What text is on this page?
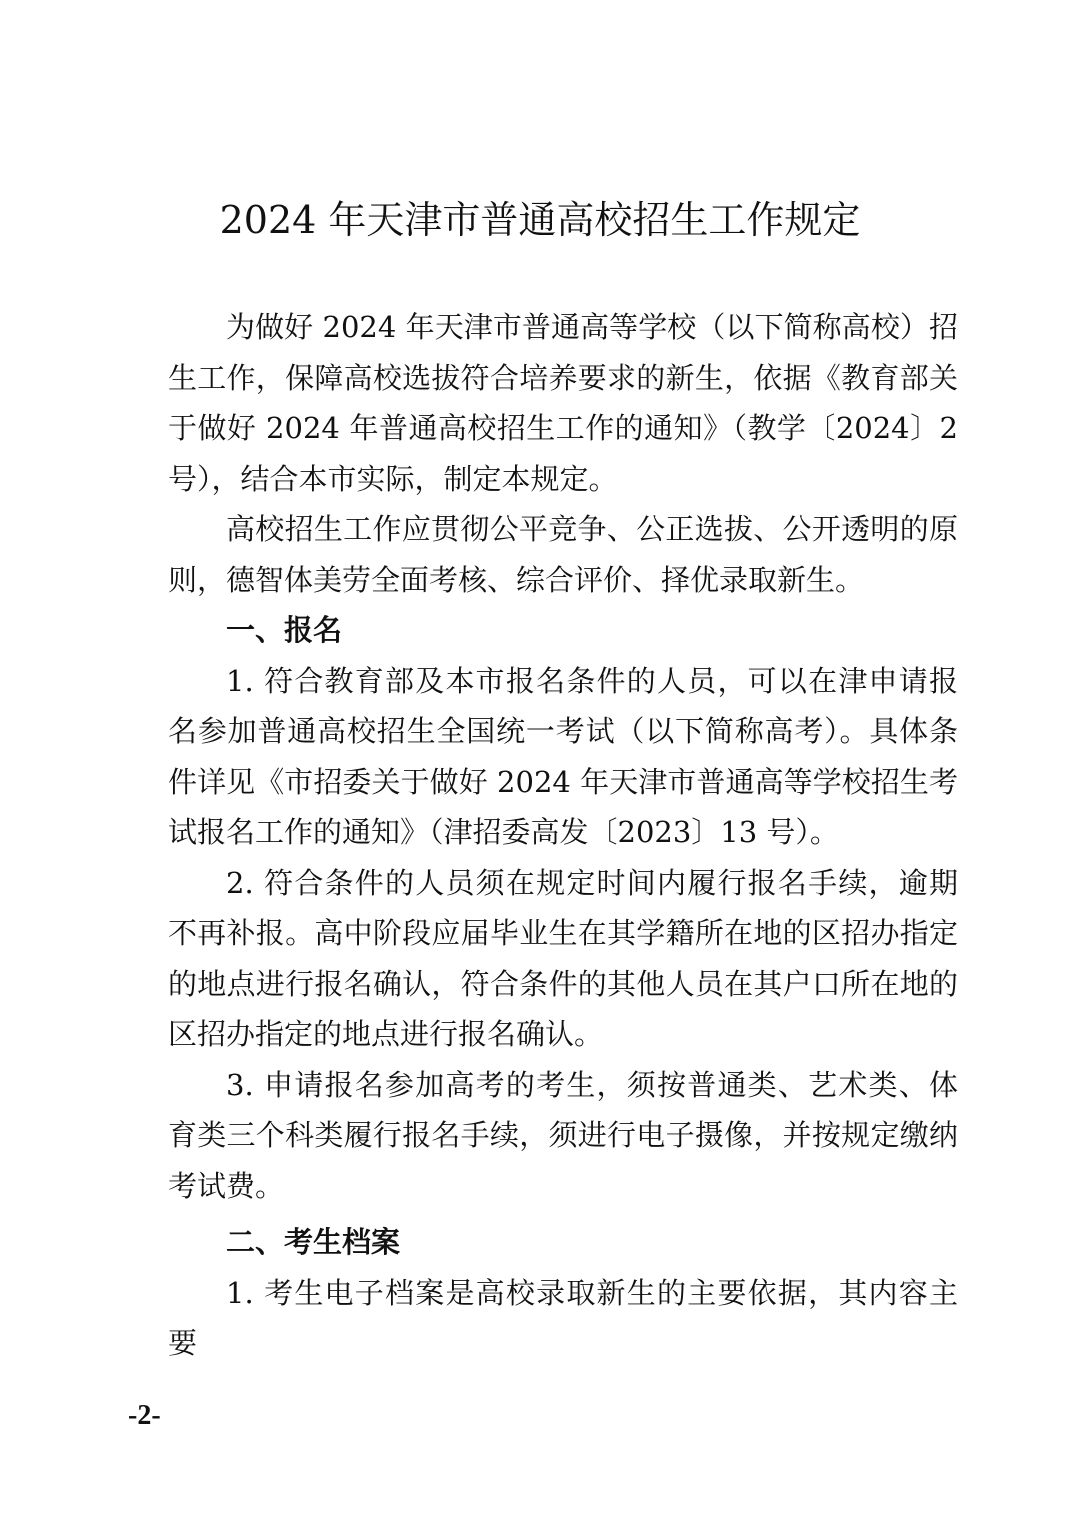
2024 年天津市普通高校招生工作规定

为做好 2024 年天津市普通高等学校（以下简称高校）招生工作，保障高校选拔符合培养要求的新生，依据《教育部关于做好 2024 年普通高校招生工作的通知》（教学〔2024〕2 号），结合本市实际，制定本规定。

高校招生工作应贯彻公平竞争、公正选拔、公开透明的原则，德智体美劳全面考核、综合评价、择优录取新生。

一、报名

1. 符合教育部及本市报名条件的人员，可以在津申请报名参加普通高校招生全国统一考试（以下简称高考）。具体条件详见《市招委关于做好 2024 年天津市普通高等学校招生考试报名工作的通知》（津招委高发〔2023〕13 号）。

2. 符合条件的人员须在规定时间内履行报名手续，逾期不再补报。高中阶段应届毕业生在其学籍所在地的区招办指定的地点进行报名确认，符合条件的其他人员在其户口所在地的区招办指定的地点进行报名确认。

3. 申请报名参加高考的考生，须按普通类、艺术类、体育类三个科类履行报名手续，须进行电子摄像，并按规定缴纳考试费。

二、考生档案

1. 考生电子档案是高校录取新生的主要依据，其内容主要

-2-
